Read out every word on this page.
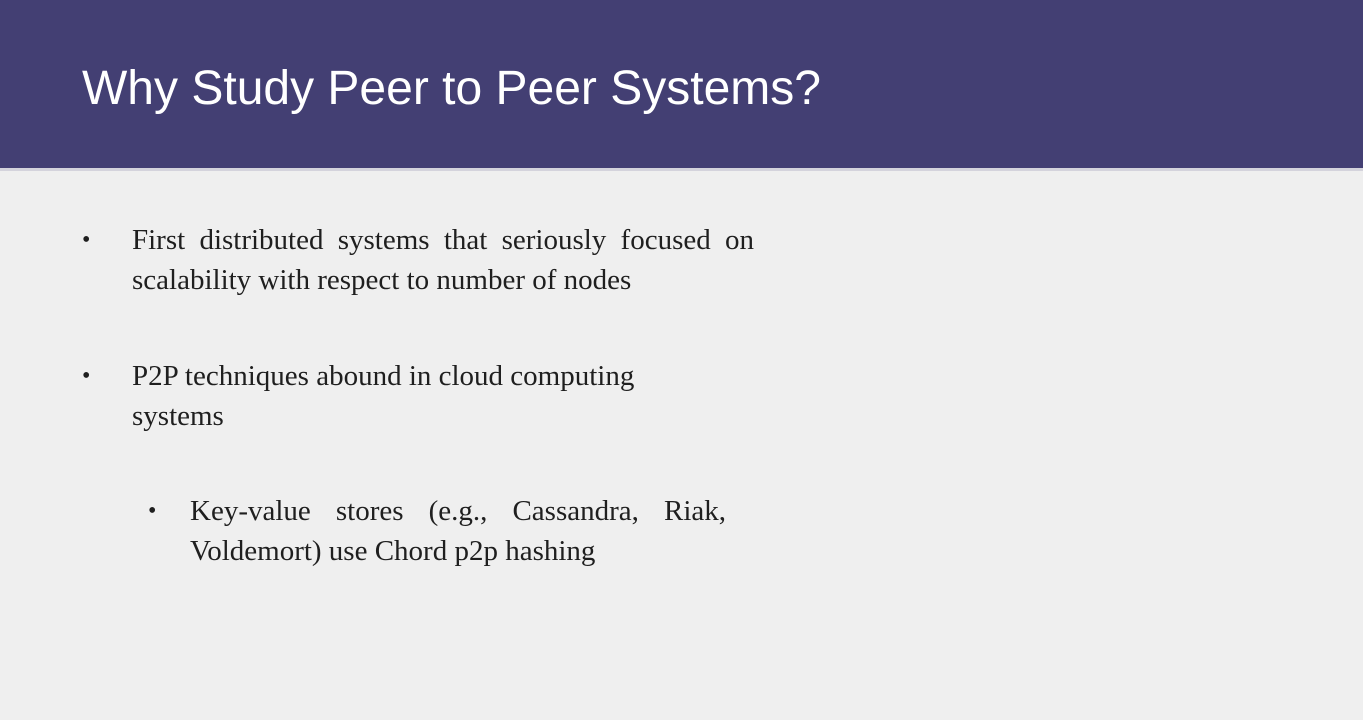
Why Study Peer to Peer Systems?
• First distributed systems that seriously focused on scalability with respect to number of nodes
• P2P techniques abound in cloud computing systems
• Key-value stores (e.g., Cassandra, Riak, Voldemort) use Chord p2p hashing
